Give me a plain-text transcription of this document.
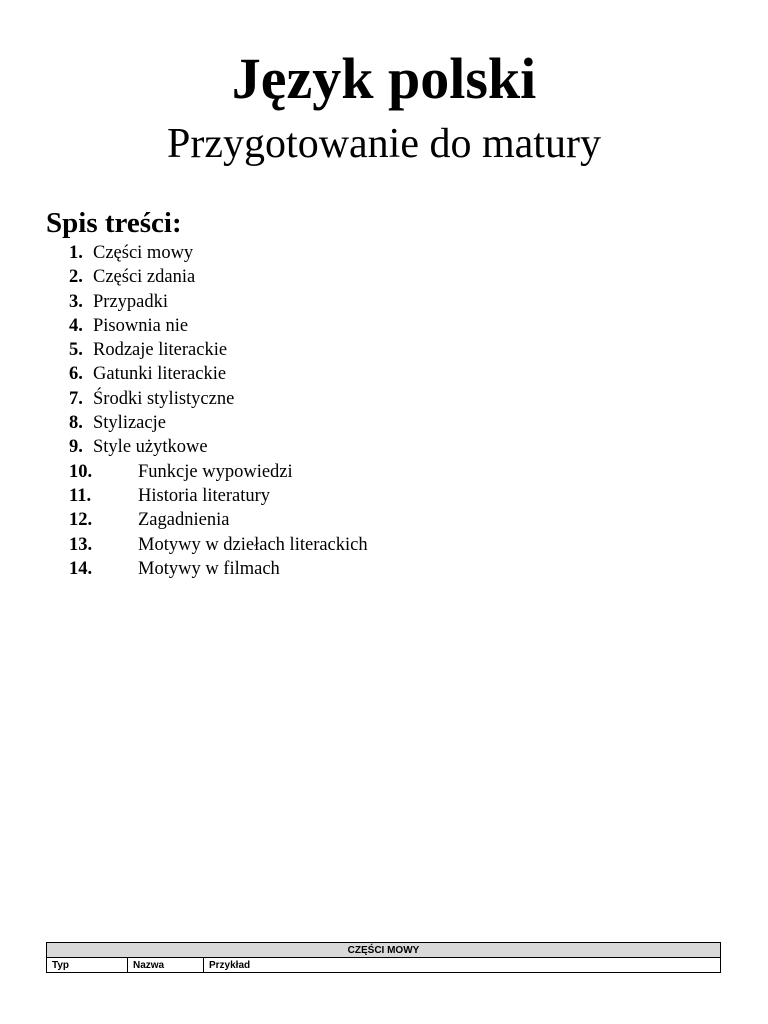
Język polski
Przygotowanie do matury
Spis treści:
1. Części mowy
2. Części zdania
3. Przypadki
4. Pisownia nie
5. Rodzaje literackie
6. Gatunki literackie
7. Środki stylistyczne
8. Stylizacje
9. Style użytkowe
10. Funkcje wypowiedzi
11.	Historia literatury
12. Zagadnienia
13. Motywy w dziełach literackich
14. Motywy w filmach
CZĘŚCI MOWY
Typ	Nazwa	Przykład
